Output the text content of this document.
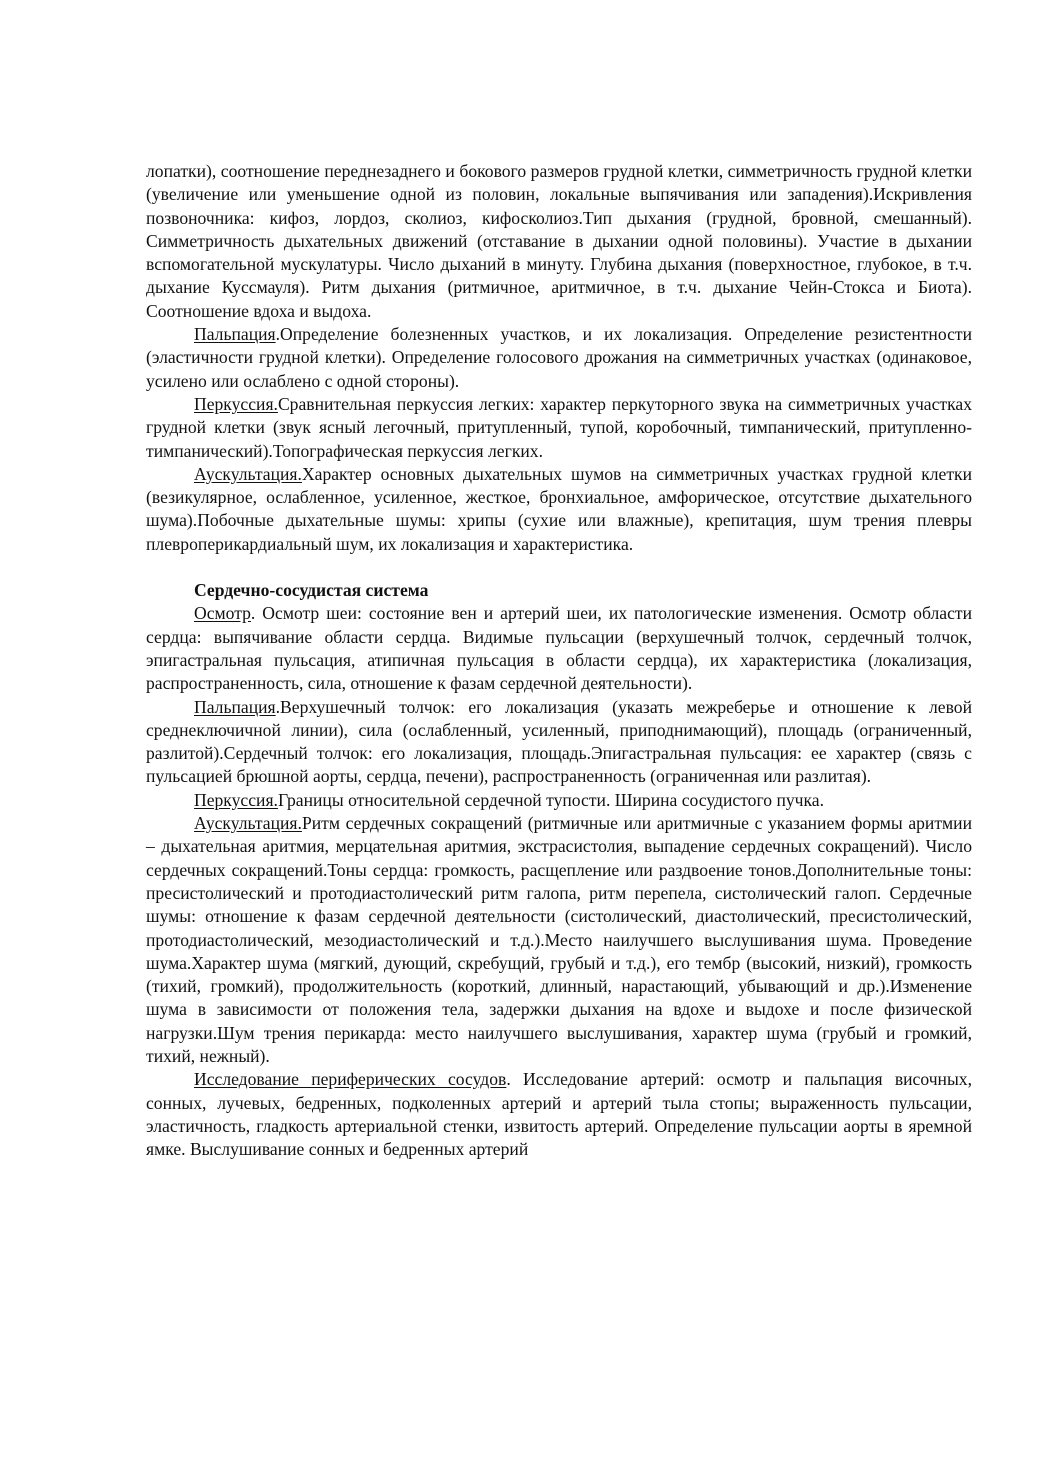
лопатки), соотношение переднезаднего и бокового размеров грудной клетки, симметричность грудной клетки (увеличение или уменьшение одной из половин, локальные выпячивания или западения).Искривления позвоночника: кифоз, лордоз, сколиоз, кифосколиоз.Тип дыхания (грудной, бровной, смешанный). Симметричность дыхательных движений (отставание в дыхании одной половины). Участие в дыхании вспомогательной мускулатуры. Число дыханий в минуту. Глубина дыхания (поверхностное, глубокое, в т.ч. дыхание Куссмауля). Ритм дыхания (ритмичное, аритмичное, в т.ч. дыхание Чейн-Стокса и Биота). Соотношение вдоха и выдоха.

Пальпация.Определение болезненных участков, и их локализация. Определение резистентности (эластичности грудной клетки). Определение голосового дрожания на симметричных участках (одинаковое, усилено или ослаблено с одной стороны).

Перкуссия.Сравнительная перкуссия легких: характер перкуторного звука на симметричных участках грудной клетки (звук ясный легочный, притупленный, тупой, коробочный, тимпанический, притупленно-тимпанический).Топографическая перкуссия легких.

Аускультация.Характер основных дыхательных шумов на симметричных участках грудной клетки (везикулярное, ослабленное, усиленное, жесткое, бронхиальное, амфорическое, отсутствие дыхательного шума).Побочные дыхательные шумы: хрипы (сухие или влажные), крепитация, шум трения плевры плевроперикардиальный шум, их локализация и характеристика.

Сердечно-сосудистая система

Осмотр. Осмотр шеи: состояние вен и артерий шеи, их патологические изменения. Осмотр области сердца: выпячивание области сердца. Видимые пульсации (верхушечный толчок, сердечный толчок, эпигастральная пульсация, атипичная пульсация в области сердца), их характеристика (локализация, распространенность, сила, отношение к фазам сердечной деятельности).

Пальпация.Верхушечный толчок: его локализация (указать межреберье и отношение к левой среднеключичной линии), сила (ослабленный, усиленный, приподнимающий), площадь (ограниченный, разлитой).Сердечный толчок: его локализация, площадь.Эпигастральная пульсация: ее характер (связь с пульсацией брюшной аорты, сердца, печени), распространенность (ограниченная или разлитая).

Перкуссия.Границы относительной сердечной тупости. Ширина сосудистого пучка.

Аускультация.Ритм сердечных сокращений (ритмичные или аритмичные с указанием формы аритмии – дыхательная аритмия, мерцательная аритмия, экстрасистолия, выпадение сердечных сокращений). Число сердечных сокращений.Тоны сердца: громкость, расщепление или раздвоение тонов.Дополнительные тоны: пресистолический и протодиастолический ритм галопа, ритм перепела, систолический галоп. Сердечные шумы: отношение к фазам сердечной деятельности (систолический, диастолический, пресистолический, протодиастолический, мезодиастолический и т.д.).Место наилучшего выслушивания шума. Проведение шума.Характер шума (мягкий, дующий, скребущий, грубый и т.д.), его тембр (высокий, низкий), громкость (тихий, громкий), продолжительность (короткий, длинный, нарастающий, убывающий и др.).Изменение шума в зависимости от положения тела, задержки дыхания на вдохе и выдохе и после физической нагрузки.Шум трения перикарда: место наилучшего выслушивания, характер шума (грубый и громкий, тихий, нежный).

Исследование периферических сосудов. Исследование артерий: осмотр и пальпация височных, сонных, лучевых, бедренных, подколенных артерий и артерий тыла стопы; выраженность пульсации, эластичность, гладкость артериальной стенки, извитость артерий. Определение пульсации аорты в яремной ямке. Выслушивание сонных и бедренных артерий
